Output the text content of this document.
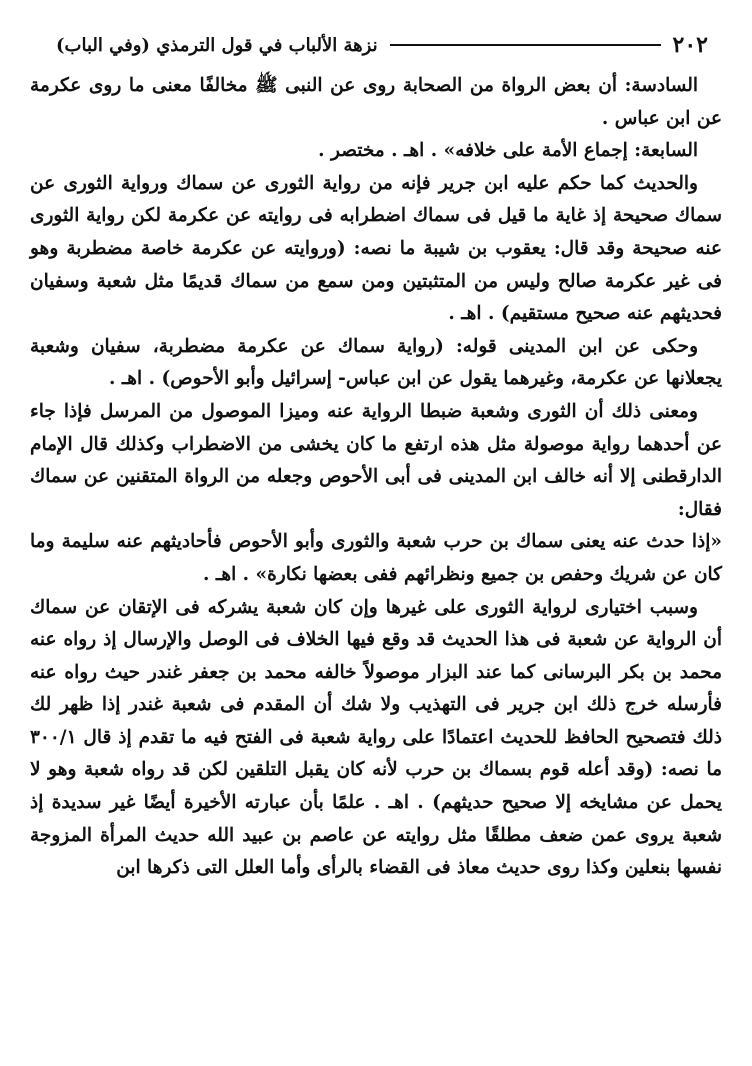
٢٠٢
نزهة الألباب في قول الترمذي (وفي الباب)

السادسة: أن بعض الرواة من الصحابة روى عن النبى ﷺ مخالفًا معنى ما روى عكرمة عن ابن عباس .

السابعة: إجماع الأمة على خلافه» . اهـ . مختصر .

والحديث كما حكم عليه ابن جرير فإنه من رواية الثورى عن سماك ورواية الثورى عن سماك صحيحة إذ غاية ما قيل فى سماك اضطرابه فى روايته عن عكرمة لكن رواية الثورى عنه صحيحة وقد قال: يعقوب بن شيبة ما نصه: (وروايته عن عكرمة خاصة مضطربة وهو فى غير عكرمة صالح وليس من المتثبتين ومن سمع من سماك قديمًا مثل شعبة وسفيان فحديثهم عنه صحيح مستقيم) . اهـ .

وحكى عن ابن المدينى قوله: (رواية سماك عن عكرمة مضطربة، سفيان وشعبة يجعلانها عن عكرمة، وغيرهما يقول عن ابن عباس- إسرائيل وأبو الأحوص) . اهـ .

ومعنى ذلك أن الثورى وشعبة ضبطا الرواية عنه وميزا الموصول من المرسل فإذا جاء عن أحدهما رواية موصولة مثل هذه ارتفع ما كان يخشى من الاضطراب وكذلك قال الإمام الدارقطنى إلا أنه خالف ابن المدينى فى أبى الأحوص وجعله من الرواة المتقنين عن سماك فقال:

«إذا حدث عنه يعنى سماك بن حرب شعبة والثورى وأبو الأحوص فأحاديثهم عنه سليمة وما كان عن شريك وحفص بن جميع ونظرائهم ففى بعضها نكارة» . اهـ .

وسبب اختيارى لرواية الثورى على غيرها وإن كان شعبة يشركه فى الإتقان عن سماك أن الرواية عن شعبة فى هذا الحديث قد وقع فيها الخلاف فى الوصل والإرسال إذ رواه عنه محمد بن بكر البرسانى كما عند البزار موصولاً خالفه محمد بن جعفر غندر حيث رواه عنه فأرسله خرج ذلك ابن جرير فى التهذيب ولا شك أن المقدم فى شعبة غندر إذا ظهر لك ذلك فتصحيح الحافظ للحديث اعتمادًا على رواية شعبة فى الفتح فيه ما تقدم إذ قال ٣٠٠/١ ما نصه: (وقد أعله قوم بسماك بن حرب لأنه كان يقبل التلقين لكن قد رواه شعبة وهو لا يحمل عن مشايخه إلا صحيح حديثهم) . اهـ . علمًا بأن عبارته الأخيرة أيضًا غير سديدة إذ شعبة يروى عمن ضعف مطلقًا مثل روايته عن عاصم بن عبيد الله حديث المرأة المزوجة نفسها بنعلين وكذا روى حديث معاذ فى القضاء بالرأى وأما العلل التى ذكرها ابن
